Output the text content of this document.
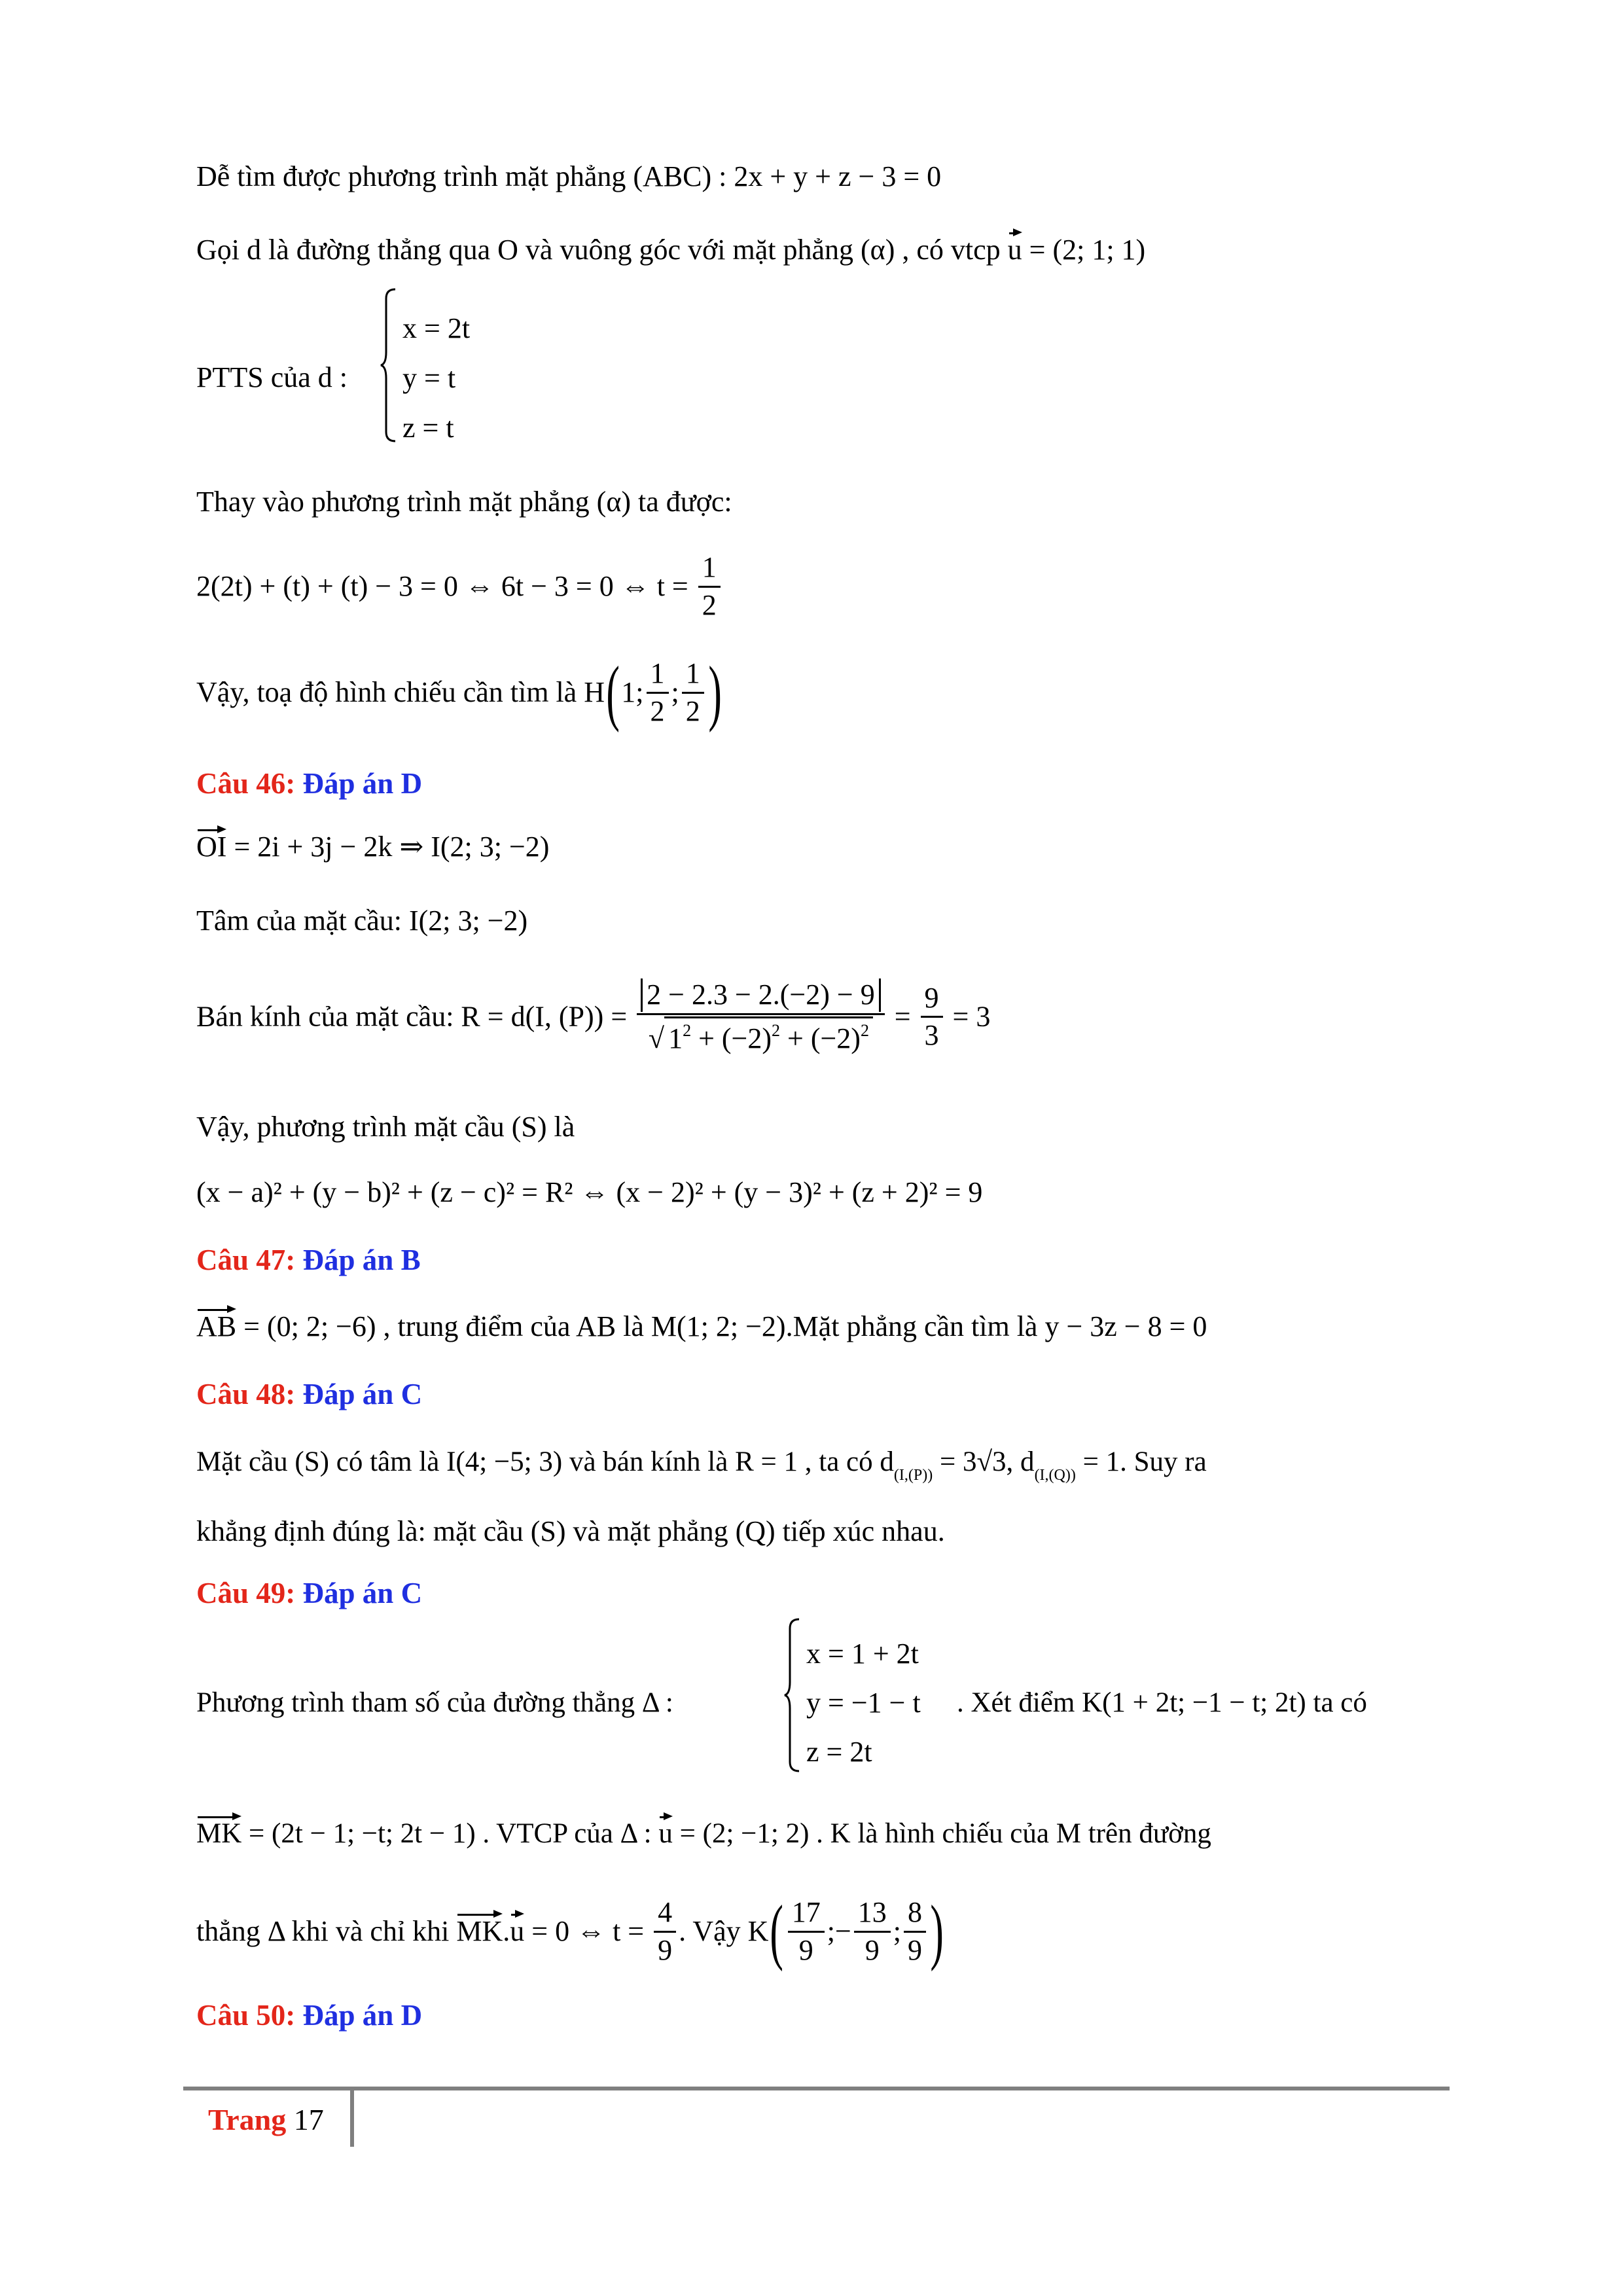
Dễ tìm được phương trình mặt phẳng (ABC) : 2x + y + z − 3 = 0
Gọi d là đường thẳng qua O và vuông góc với mặt phẳng (α) , có vtcp u = (2; 1; 1)
PTTS của d :
x = 2t
y = t
z = t
Thay vào phương trình mặt phẳng (α) ta được:
2(2t) + (t) + (t) − 3 = 0 ⇔ 6t − 3 = 0 ⇔ $t = \frac{1}{2}$
Vậy, toạ độ hình chiếu cần tìm là H(1; $\frac{1}{2}$ ; $\frac{1}{2}$ )
Câu 46: Đáp án D
OI = 2i + 3j − 2k ⇒ I(2; 3; −2)
Tâm của mặt cầu: I(2; 3; −2)
Bán kính của mặt cầu: R = d(I, $(P)) = \frac{2 - 2.3 - 2.(-2) - 9}{√ 1^2 + (-2)^2 + (-2)^2} = \frac{9}{3} = 3$
Vậy, phương trình mặt cầu (S) là
(x − a)² + (y − b)² + (z − c)² = R² ⇔ (x − 2)² + (y − 3)² + (z + 2)² = 9
Câu 47: Đáp án B
AB = (0; 2; −6) , trung điểm của AB là M(1; 2; −2).Mặt phẳng cần tìm là y − 3z − 8 = 0
Câu 48: Đáp án C
Mặt cầu (S) có tâm là I(4; −5; 3) và bán kính là R = 1 , ta có $d_{(I,(P))} = 3√3$, $d_{(I,(Q))} = 1$. Suy ra
khẳng định đúng là: mặt cầu (S) và mặt phẳng (Q) tiếp xúc nhau.
Câu 49: Đáp án C
Phương trình tham số của đường thẳng Δ :
x = 1 + 2t
y = −1 − t
z = 2t
. Xét điểm K(1 + 2t; −1 − t; 2t) ta có
MK = (2t − 1; −t; 2t − 1) . VTCP của Δ : u = (2; −1; 2) . K là hình chiếu của M trên đường
thẳng Δ khi và chỉ khi MK.u = 0 ⇔ $t = \frac{4}{9}$ . Vậy $K( \frac{17}{9}$ ;− $\frac{13}{9}$ ; $\frac{8}{9}$ )
Câu 50: Đáp án D
Trang 17
